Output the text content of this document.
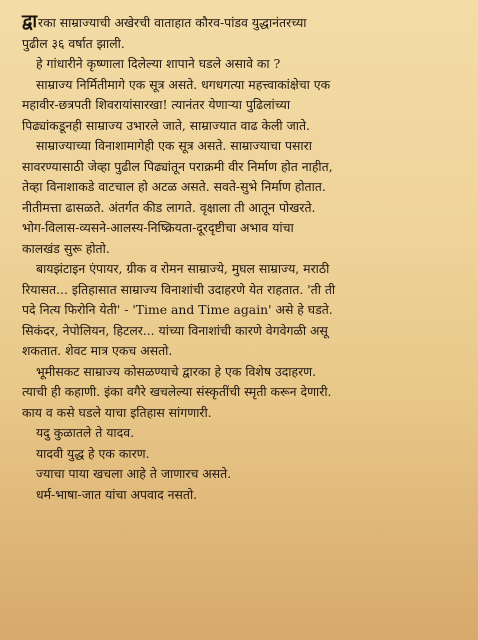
द्वारका साम्राज्याची अखेरची वाताहात कौरव-पांडव युद्धानंतरच्या
पुढील ३६ वर्षात झाली.
हे गांधारीने कृष्णाला दिलेल्या शापाने घडले असावे का ?
साम्राज्य निर्मितीमागे एक सूत्र असते. धगधगत्या महत्त्वाकांक्षेचा एक
महावीर-छत्रपती शिवरायांसारखा! त्यानंतर येणाऱ्या पुढिलांच्या
पिढ्यांकडूनही साम्राज्य उभारले जाते, साम्राज्यात वाढ केली जाते.
साम्राज्याच्या विनाशामागेही एक सूत्र असते. साम्राज्याचा पसारा
सावरण्यासाठी जेव्हा पुढील पिढ्यांतून पराक्रमी वीर निर्माण होत नाहीत,
तेव्हा विनाशाकडे वाटचाल हो अटळ असते. सवते-सुभे निर्माण होतात.
नीतीमत्ता ढासळते. अंतर्गत कीड लागते. वृक्षाला ती आतून पोखरते.
भोग-विलास-व्यसने-आलस्य-निष्क्रियता-दूरदृष्टीचा अभाव यांचा
कालखंड सुरू होतो.
बायझंटाइन एंपायर, ग्रीक व रोमन साम्राज्ये, मुघल साम्राज्य, मराठी
रियासत... इतिहासात साम्राज्य विनाशांची उदाहरणे येत राहतात. 'ती ती
पदे नित्य फिरोनि येती' - 'Time and Time again' असे हे घडते.
सिकंदर, नेपोलियन, हिटलर... यांच्या विनाशांची कारणे वेगवेगळी असू
शकतात. शेवट मात्र एकच असतो.
भूमीसकट साम्राज्य कोसळण्याचे द्वारका हे एक विशेष उदाहरण.
त्याची ही कहाणी. इंका वगैरे खचलेल्या संस्कृतींची स्मृती करून देणारी.
काय व कसे घडले याचा इतिहास सांगणारी.
यदु कुळातले ते यादव.
यादवी युद्ध हे एक कारण.
ज्याचा पाया खचला आहे ते जाणारच असते.
धर्म-भाषा-जात यांचा अपवाद नसतो.
